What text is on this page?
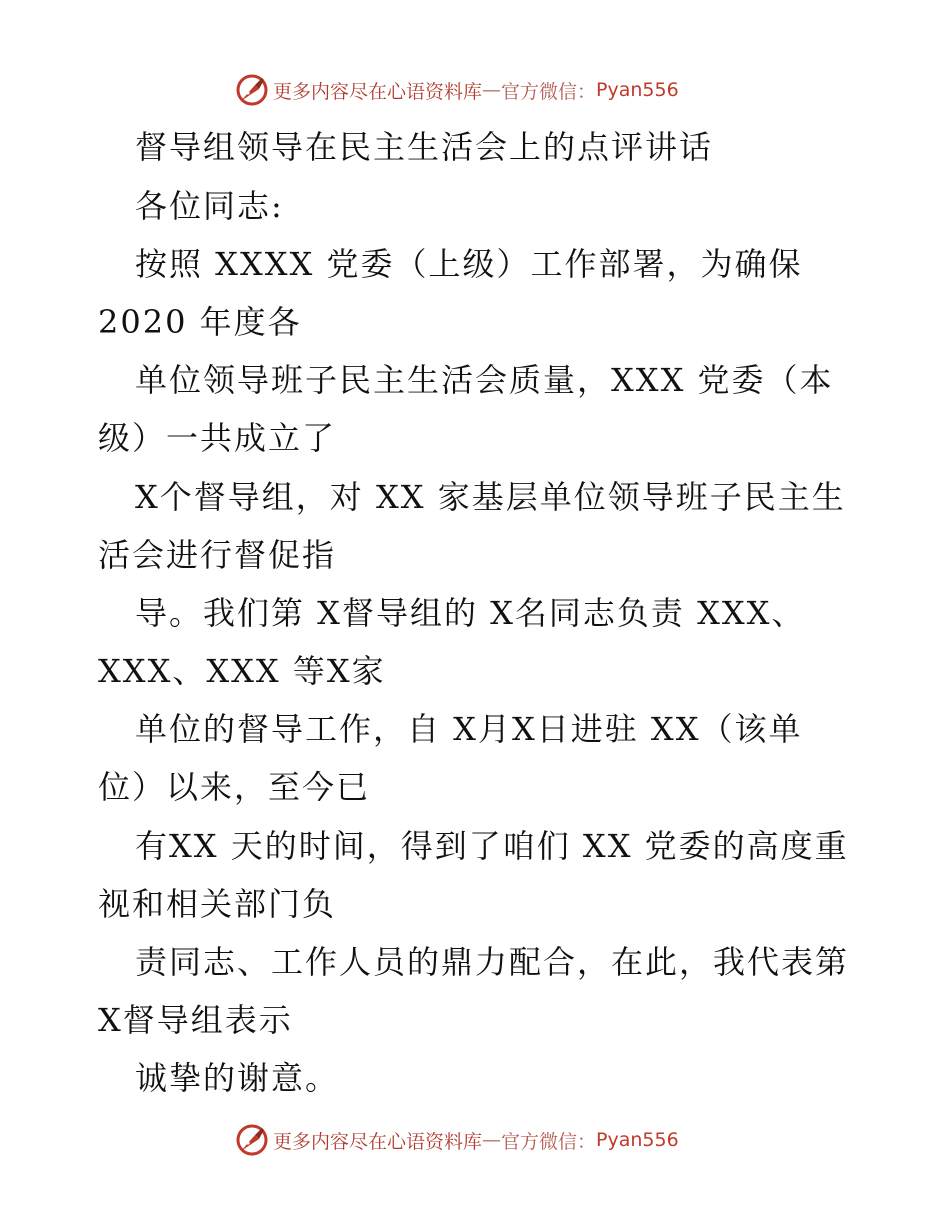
更多内容尽在心语资料库 — 官方微信： Pyan556
督导组领导在民主生活会上的点评讲话
各位同志:
按照 XXXX 党委（上级）工作部署，为确保
2020 年度各
单位领导班子民主生活会质量，XXX 党委（本
级）一共成立了
X个督导组，对 XX 家基层单位领导班子民主生
活会进行督促指
导。我们第 X督导组的 X名同志负责 XXX、
XXX、XXX 等X家
单位的督导工作，自 X月X日进驻 XX（该单
位）以来，至今已
有XX 天的时间，得到了咱们 XX 党委的高度重
视和相关部门负
责同志、工作人员的鼎力配合，在此，我代表第
X督导组表示
诚挚的谢意。
更多内容尽在心语资料库 — 官方微信： Pyan556
